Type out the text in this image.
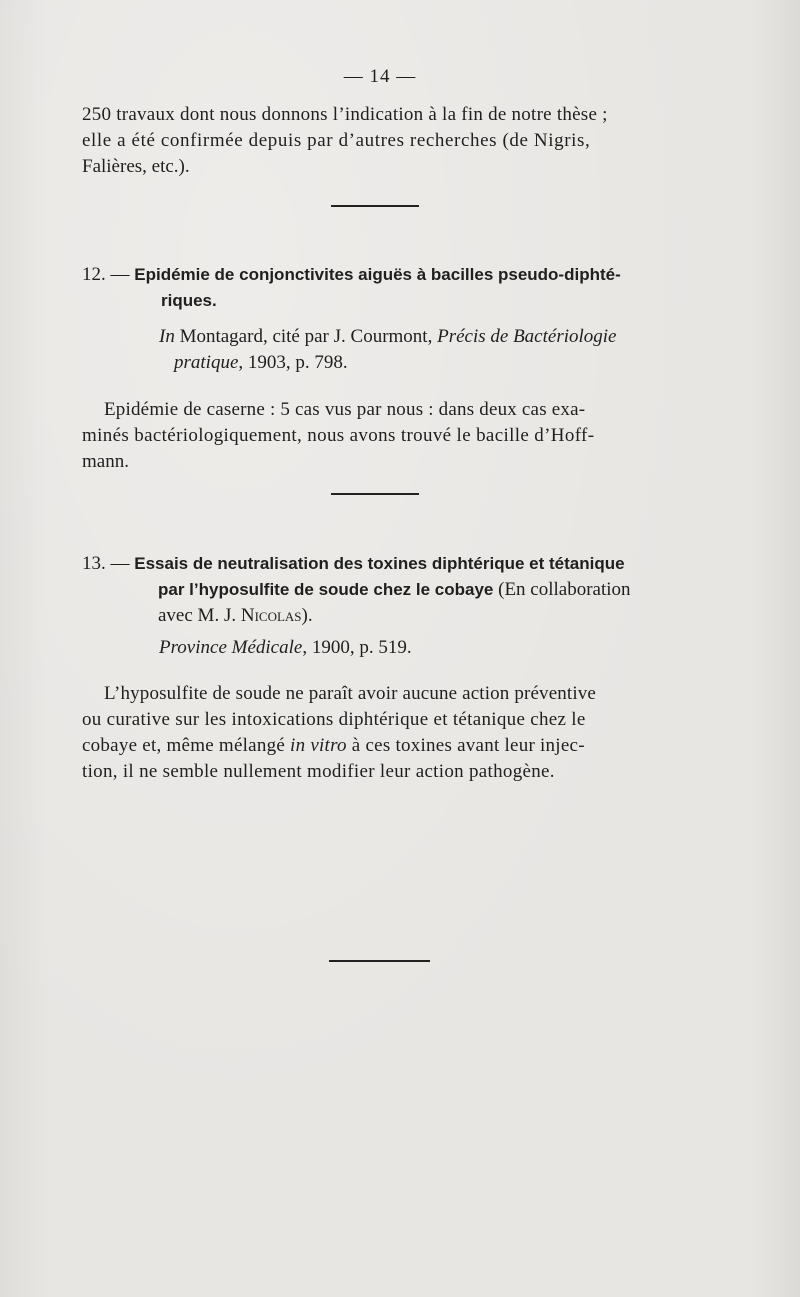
— 14 —
250 travaux dont nous donnons l’indication à la fin de notre thèse ;
elle a été confirmée depuis par d’autres recherches (de Nigris,
Falières, etc.).
12. — Epidémie de conjonctivites aiguës à bacilles pseudo-diphté-
riques.
In Montagard, cité par J. Courmont, Précis de Bactériologie
pratique, 1903, p. 798.
Epidémie de caserne : 5 cas vus par nous : dans deux cas exa-
minés bactériologiquement, nous avons trouvé le bacille d’Hoff-
mann.
13. — Essais de neutralisation des toxines diphtérique et tétanique
par l’hyposulfite de soude chez le cobaye (En collaboration
avec M. J. Nicolas).
Province Médicale, 1900, p. 519.
L’hyposulfite de soude ne paraît avoir aucune action préventive
ou curative sur les intoxications diphtérique et tétanique chez le
cobaye et, même mélangé in vitro à ces toxines avant leur injec-
tion, il ne semble nullement modifier leur action pathogène.
